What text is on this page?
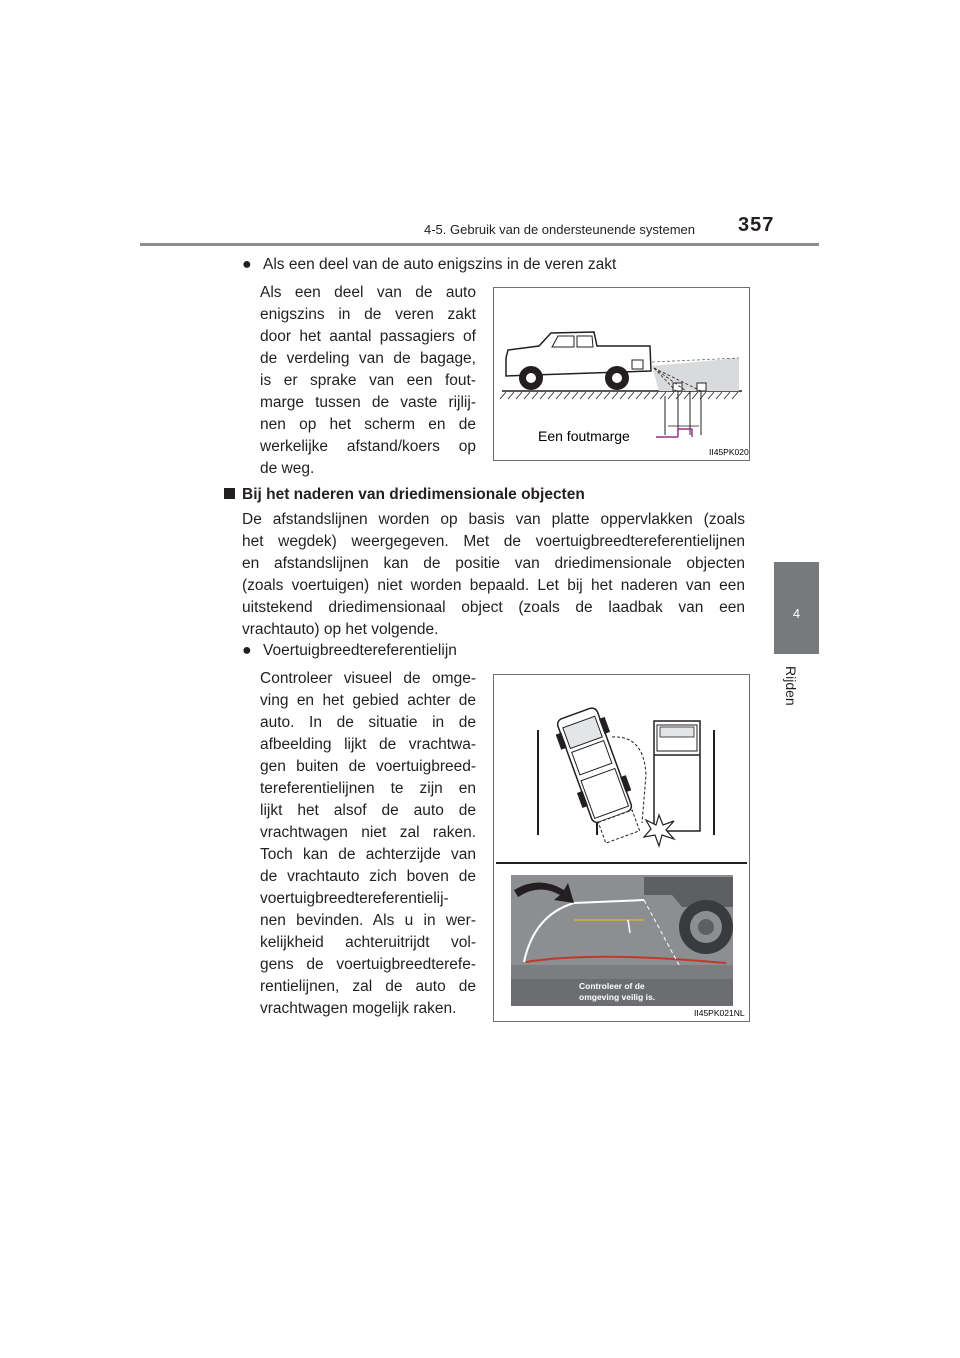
4-5. Gebruik van de ondersteunende systemen 357
4
Rijden
● Als een deel van de auto enigszins in de veren zakt
Als een deel van de auto
enigszins in de veren zakt
door het aantal passagiers of
de verdeling van de bagage,
is er sprake van een fout-
marge tussen de vaste rijlij-
nen op het scherm en de
werkelijke afstand/koers op
de weg.
Een foutmarge
II45PK020
Bij het naderen van driedimensionale objecten
De afstandslijnen worden op basis van platte oppervlakken (zoals
het wegdek) weergegeven. Met de voertuigbreedtereferentielijnen
en afstandslijnen kan de positie van driedimensionale objecten
(zoals voertuigen) niet worden bepaald. Let bij het naderen van een
uitstekend driedimensionaal object (zoals de laadbak van een
vrachtauto) op het volgende.
● Voertuigbreedtereferentielijn
Controleer visueel de omge-
ving en het gebied achter de
auto. In de situatie in de
afbeelding lijkt de vrachtwa-
gen buiten de voertuigbreed-
tereferentielijnen te zijn en
lijkt het alsof de auto de
vrachtwagen niet zal raken.
Toch kan de achterzijde van
de vrachtauto zich boven de
voertuigbreedtereferentielij-
nen bevinden. Als u in wer-
kelijkheid achteruitrijdt vol-
gens de voertuigbreedterefe-
rentielijnen, zal de auto de
vrachtwagen mogelijk raken.
Controleer of de
omgeving veilig is.
II45PK021NL
